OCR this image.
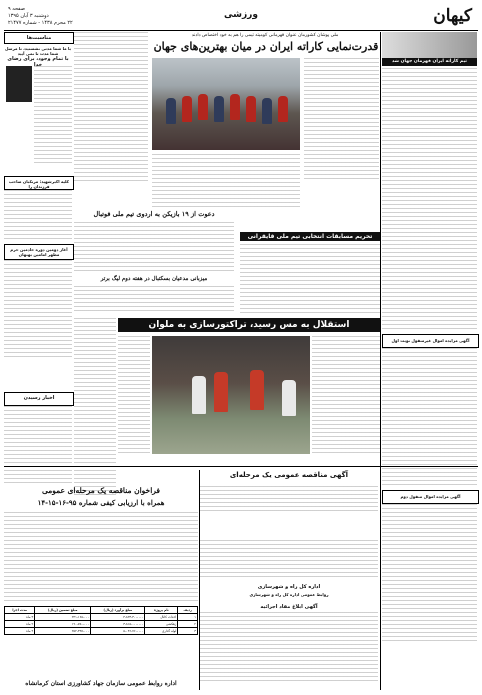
کیهان
ورزشی
صفحه ۹
دوشنبه ۳ آبان ۱۳۹۵
۲۲ محرم ۱۴۳۸ - شماره ۲۱۴۷۷
ملی پوشان کشورمان عنوان قهرمانی کومیته تیمی را هم به خود اختصاص دادند
قدرت‌نمایی کاراته ایران در میان بهترین‌های جهان
تیم کاراته ایران قهرمان جهان شد
مناسبت‌ها
با ما شما مدتی نشستید، تا مرسل شما مدت تا نمی آیید
با تمام وجود، برای رضای خدا
کلیه اکبرشهید: مرتکبان صاحب فرزندان را
تحریم مسابقات انتخابی تیم ملی قایقرانی
دعوت از ۱۹ بازیکن به اردوی تیم ملی فوتبال
میزبانی مدعیان بسکتبال در هفته دوم لیگ برتر
آغاز دومین دوره خادمین حرم مطهر امامین بهبهان
استقلال به مس رسید، تراکتورسازی به ملوان
اخبار رسیدن
آگهی مزایده اموال غیرمنقول نوبت اول
آگهی مزایده اموال منقول دوم
آگهی مناقصه عمومی یک مرحله‌ای
اداره کل راه و شهرسازی
روابط عمومی اداره کل راه و شهرسازی
آگهی ابلاغ مفاد اجرائیه
فراخوان مناقصه یک مرحله‌ای عمومی
همراه با ارزیابی کیفی شماره ۹۵-۱۶-۱۵-۱۴
ردیف	نام پروژه	مبلغ برآورد (ریال)	مبلغ تضمین (ریال)	مدت اجرا
۱	احداث کانال	۴،۸۲۳،۳۰۰،۰۰۰	۲۴۱،۱۶۵،۰۰۰	۳ ماه
۲	زهکشی	۳،۸۱۵،۰۰۰،۰۰۰	۱۹۰،۷۵۰،۰۰۰	۲ ماه
۳	لوله گذاری	۵،۰۴۶،۷۶۰،۰۰۰	۲۵۲،۳۳۸،۰۰۰	۴ ماه
اداره روابط عمومی سازمان جهاد کشاورزی استان کرمانشاه
